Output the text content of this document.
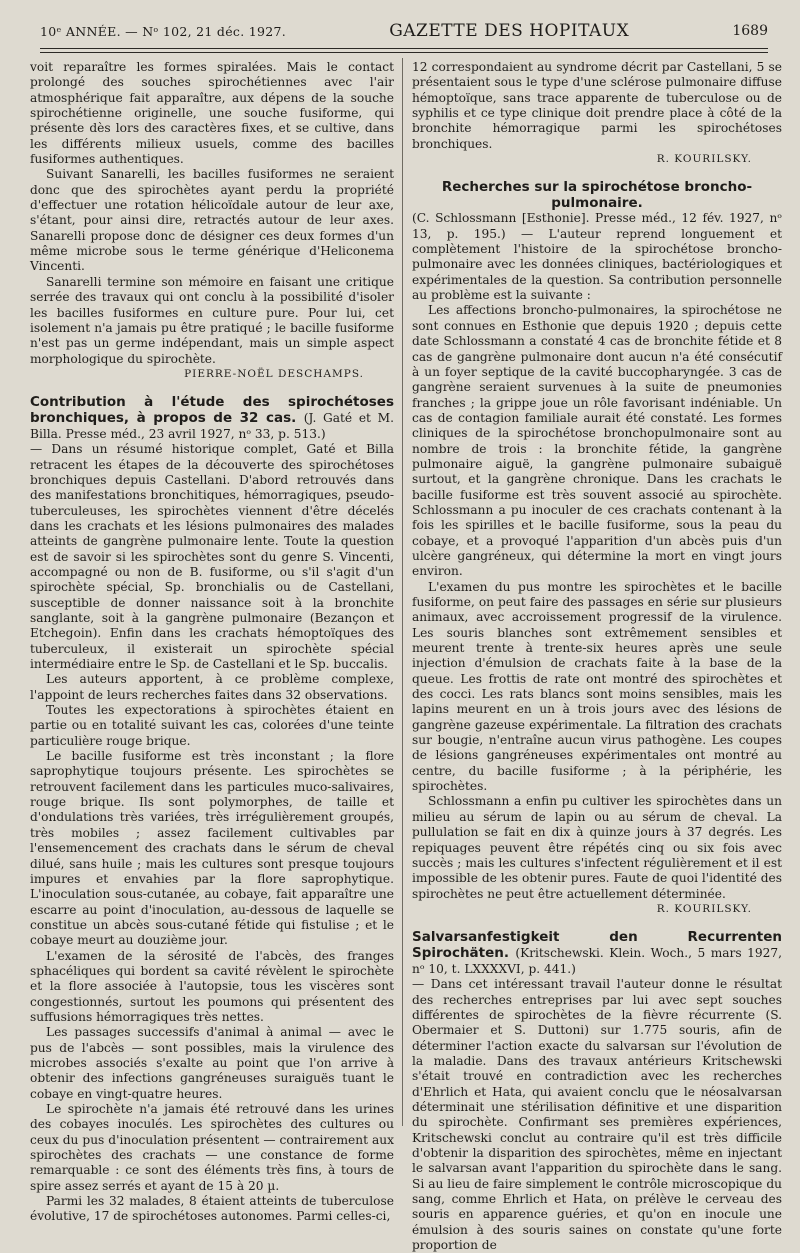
10ᵉ ANNÉE. — Nᵒ 102, 21 déc. 1927.	GAZETTE DES HOPITAUX	1689

voit reparaître les formes spiralées. Mais le contact prolongé des souches spirochétiennes avec l'air atmosphérique fait apparaître, aux dépens de la souche spirochétienne originelle, une souche fusiforme, qui présente dès lors des caractères fixes, et se cultive, dans les différents milieux usuels, comme des bacilles fusiformes authentiques.

Suivant Sanarelli, les bacilles fusiformes ne seraient donc que des spirochètes ayant perdu la propriété d'effectuer une rotation hélicoïdale autour de leur axe, s'étant, pour ainsi dire, retractés autour de leur axes. Sanarelli propose donc de désigner ces deux formes d'un même microbe sous le terme générique d'Heliconema Vincenti.

Sanarelli termine son mémoire en faisant une critique serrée des travaux qui ont conclu à la possibilité d'isoler les bacilles fusiformes en culture pure. Pour lui, cet isolement n'a jamais pu être pratiqué ; le bacille fusiforme n'est pas un germe indépendant, mais un simple aspect morphologique du spirochète.

PIERRE-NOËL DESCHAMPS.

Contribution à l'étude des spirochétoses bronchiques, à propos de 32 cas. (J. Gaté et M. Billa. Presse méd., 23 avril 1927, nᵒ 33, p. 513.)

— Dans un résumé historique complet, Gaté et Billa retracent les étapes de la découverte des spirochétoses bronchiques depuis Castellani. D'abord retrouvés dans des manifestations bronchitiques, hémorragiques, pseudo-tuberculeuses, les spirochètes viennent d'être décelés dans les crachats et les lésions pulmonaires des malades atteints de gangrène pulmonaire lente. Toute la question est de savoir si les spirochètes sont du genre S. Vincenti, accompagné ou non de B. fusiforme, ou s'il s'agit d'un spirochète spécial, Sp. bronchialis ou de Castellani, susceptible de donner naissance soit à la bronchite sanglante, soit à la gangrène pulmonaire (Bezançon et Etchegoin). Enfin dans les crachats hémoptoïques des tuberculeux, il existerait un spirochète spécial intermédiaire entre le Sp. de Castellani et le Sp. buccalis.

Les auteurs apportent, à ce problème complexe, l'appoint de leurs recherches faites dans 32 observations.

Toutes les expectorations à spirochètes étaient en partie ou en totalité suivant les cas, colorées d'une teinte particulière rouge brique.

Le bacille fusiforme est très inconstant ; la flore saprophytique toujours présente. Les spirochètes se retrouvent facilement dans les particules muco-salivaires, rouge brique. Ils sont polymorphes, de taille et d'ondulations très variées, très irrégulièrement groupés, très mobiles ; assez facilement cultivables par l'ensemencement des crachats dans le sérum de cheval dilué, sans huile ; mais les cultures sont presque toujours impures et envahies par la flore saprophytique. L'inoculation sous-cutanée, au cobaye, fait apparaître une escarre au point d'inoculation, au-dessous de laquelle se constitue un abcès sous-cutané fétide qui fistulise ; et le cobaye meurt au douzième jour.

L'examen de la sérosité de l'abcès, des franges sphacéliques qui bordent sa cavité révèlent le spirochète et la flore associée à l'autopsie, tous les viscères sont congestionnés, surtout les poumons qui présentent des suffusions hémorragiques très nettes.

Les passages successifs d'animal à animal — avec le pus de l'abcès — sont possibles, mais la virulence des microbes associés s'exalte au point que l'on arrive à obtenir des infections gangréneuses suraiguës tuant le cobaye en vingt-quatre heures.

Le spirochète n'a jamais été retrouvé dans les urines des cobayes inoculés. Les spirochètes des cultures ou ceux du pus d'inoculation présentent — contrairement aux spirochètes des crachats — une constance de forme remarquable : ce sont des éléments très fins, à tours de spire assez serrés et ayant de 15 à 20 µ.

Parmi les 32 malades, 8 étaient atteints de tuberculose évolutive, 17 de spirochétoses autonomes. Parmi celles-ci,

12 correspondaient au syndrome décrit par Castellani, 5 se présentaient sous le type d'une sclérose pulmonaire diffuse hémoptoïque, sans trace apparente de tuberculose ou de syphilis et ce type clinique doit prendre place à côté de la bronchite hémorragique parmi les spirochétoses bronchiques.

R. KOURILSKY.

Recherches sur la spirochétose broncho-pulmonaire.

(C. Schlossmann [Esthonie]. Presse méd., 12 fév. 1927, nᵒ 13, p. 195.) — L'auteur reprend longuement et complètement l'histoire de la spirochétose broncho-pulmonaire avec les données cliniques, bactériologiques et expérimentales de la question. Sa contribution personnelle au problème est la suivante :

Les affections broncho-pulmonaires, la spirochétose ne sont connues en Esthonie que depuis 1920 ; depuis cette date Schlossmann a constaté 4 cas de bronchite fétide et 8 cas de gangrène pulmonaire dont aucun n'a été consécutif à un foyer septique de la cavité buccopharyngée. 3 cas de gangrène seraient survenues à la suite de pneumonies franches ; la grippe joue un rôle favorisant indéniable. Un cas de contagion familiale aurait été constaté. Les formes cliniques de la spirochétose bronchopulmonaire sont au nombre de trois : la bronchite fétide, la gangrène pulmonaire aiguë, la gangrène pulmonaire subaiguë surtout, et la gangrène chronique. Dans les crachats le bacille fusiforme est très souvent associé au spirochète. Schlossmann a pu inoculer de ces crachats contenant à la fois les spirilles et le bacille fusiforme, sous la peau du cobaye, et a provoqué l'apparition d'un abcès puis d'un ulcère gangréneux, qui détermine la mort en vingt jours environ.

L'examen du pus montre les spirochètes et le bacille fusiforme, on peut faire des passages en série sur plusieurs animaux, avec accroissement progressif de la virulence. Les souris blanches sont extrêmement sensibles et meurent trente à trente-six heures après une seule injection d'émulsion de crachats faite à la base de la queue. Les frottis de rate ont montré des spirochètes et des cocci. Les rats blancs sont moins sensibles, mais les lapins meurent en un à trois jours avec des lésions de gangrène gazeuse expérimentale. La filtration des crachats sur bougie, n'entraîne aucun virus pathogène. Les coupes de lésions gangréneuses expérimentales ont montré au centre, du bacille fusiforme ; à la périphérie, les spirochètes.

Schlossmann a enfin pu cultiver les spirochètes dans un milieu au sérum de lapin ou au sérum de cheval. La pullulation se fait en dix à quinze jours à 37 degrés. Les repiquages peuvent être répétés cinq ou six fois avec succès ; mais les cultures s'infectent régulièrement et il est impossible de les obtenir pures. Faute de quoi l'identité des spirochètes ne peut être actuellement déterminée.

R. KOURILSKY.

Salvarsanfestigkeit den Recurrenten Spirochäten. (Kritschewski. Klein. Woch., 5 mars 1927, nᵒ 10, t. LXXXXVI, p. 441.)

— Dans cet intéressant travail l'auteur donne le résultat des recherches entreprises par lui avec sept souches différentes de spirochètes de la fièvre récurrente (S. Obermaier et S. Duttoni) sur 1.775 souris, afin de déterminer l'action exacte du salvarsan sur l'évolution de la maladie. Dans des travaux antérieurs Kritschewski s'était trouvé en contradiction avec les recherches d'Ehrlich et Hata, qui avaient conclu que le néosalvarsan déterminait une stérilisation définitive et une disparition du spirochète. Confirmant ses premières expériences, Kritschewski conclut au contraire qu'il est très difficile d'obtenir la disparition des spirochètes, même en injectant le salvarsan avant l'apparition du spirochète dans le sang. Si au lieu de faire simplement le contrôle microscopique du sang, comme Ehrlich et Hata, on prélève le cerveau des souris en apparence guéries, et qu'on en inocule une émulsion à des souris saines on constate qu'une forte proportion de
